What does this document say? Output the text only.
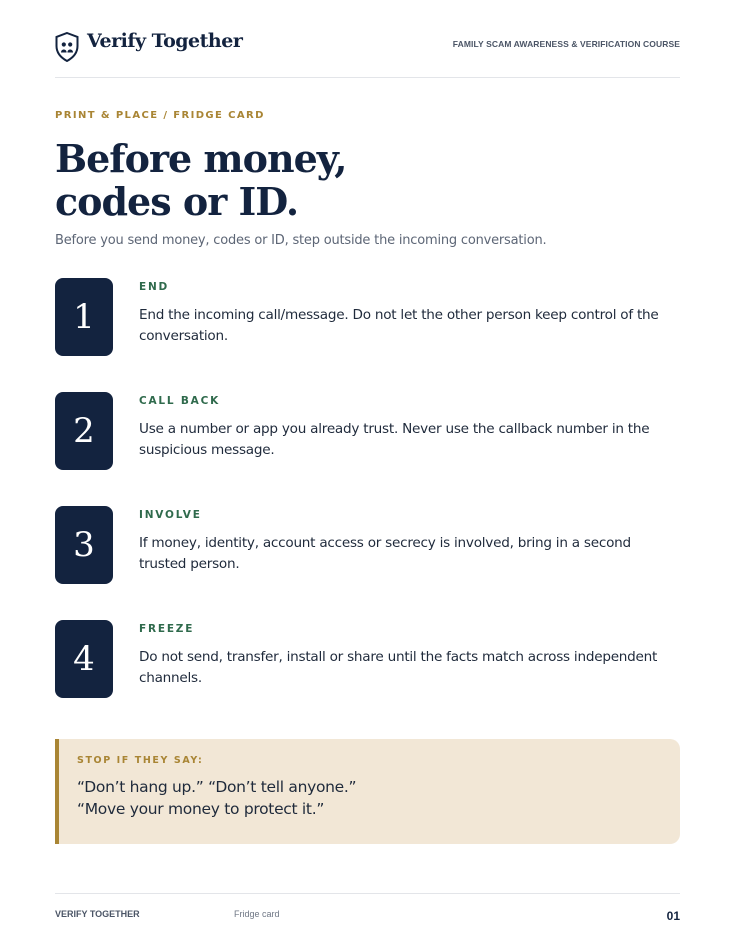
Verify Together	FAMILY SCAM AWARENESS & VERIFICATION COURSE
PRINT & PLACE / FRIDGE CARD
Before money,
codes or ID.

Before you send money, codes or ID, step outside the incoming conversation.

1
END
End the incoming call/message. Do not let the other person keep control of the conversation.
2
CALL BACK
Use a number or app you already trust. Never use the callback number in the suspicious message.
3
INVOLVE
If money, identity, account access or secrecy is involved, bring in a second trusted person.
4
FREEZE
Do not send, transfer, install or share until the facts match across independent channels.
STOP IF THEY SAY:
“Don’t hang up.” “Don’t tell anyone.”
“Move your money to protect it.”
VERIFY TOGETHER	Fridge card	01
